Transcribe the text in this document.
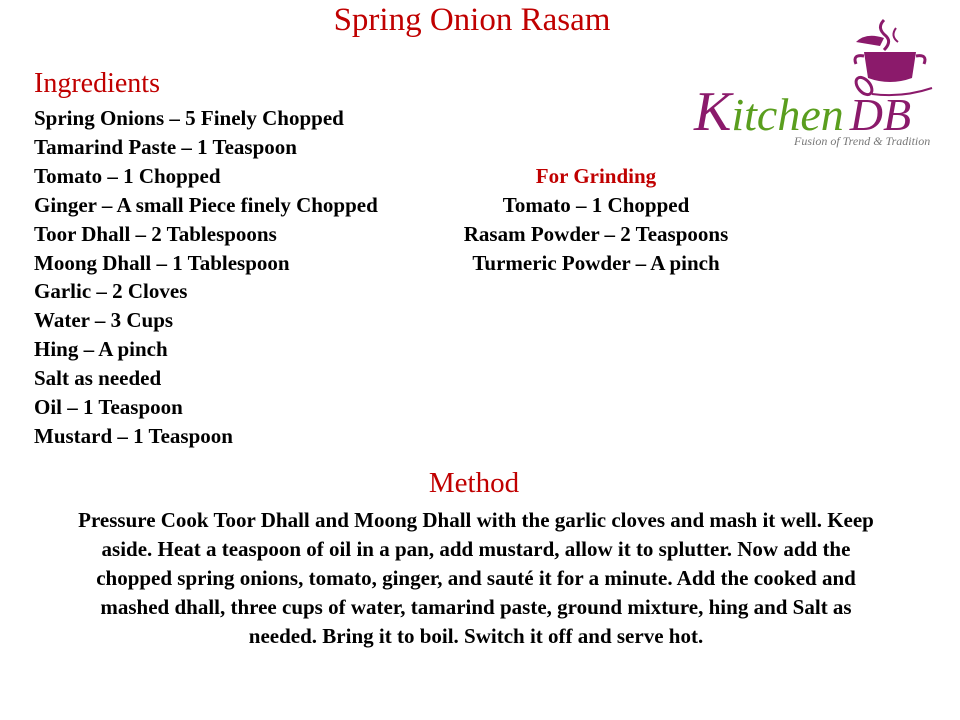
Spring Onion Rasam
Ingredients
Spring Onions – 5 Finely Chopped
Tamarind Paste – 1 Teaspoon
Tomato – 1 Chopped
Ginger – A small Piece finely Chopped
Toor Dhall – 2 Tablespoons
Moong Dhall – 1 Tablespoon
Garlic – 2 Cloves
Water – 3 Cups
Hing – A pinch
Salt as needed
Oil – 1 Teaspoon
Mustard – 1 Teaspoon
For Grinding
Tomato – 1 Chopped
Rasam Powder – 2 Teaspoons
Turmeric Powder – A pinch
Kitchen DB
Fusion of Trend & Tradition
Method
Pressure Cook Toor Dhall and Moong Dhall with the garlic cloves and mash it well. Keep
aside. Heat a teaspoon of oil in a pan, add mustard, allow it to splutter. Now add the
chopped spring onions, tomato, ginger, and sauté it for a minute. Add the cooked and
mashed dhall, three cups of water, tamarind paste, ground mixture, hing and Salt as
needed. Bring it to boil. Switch it off and serve hot.
